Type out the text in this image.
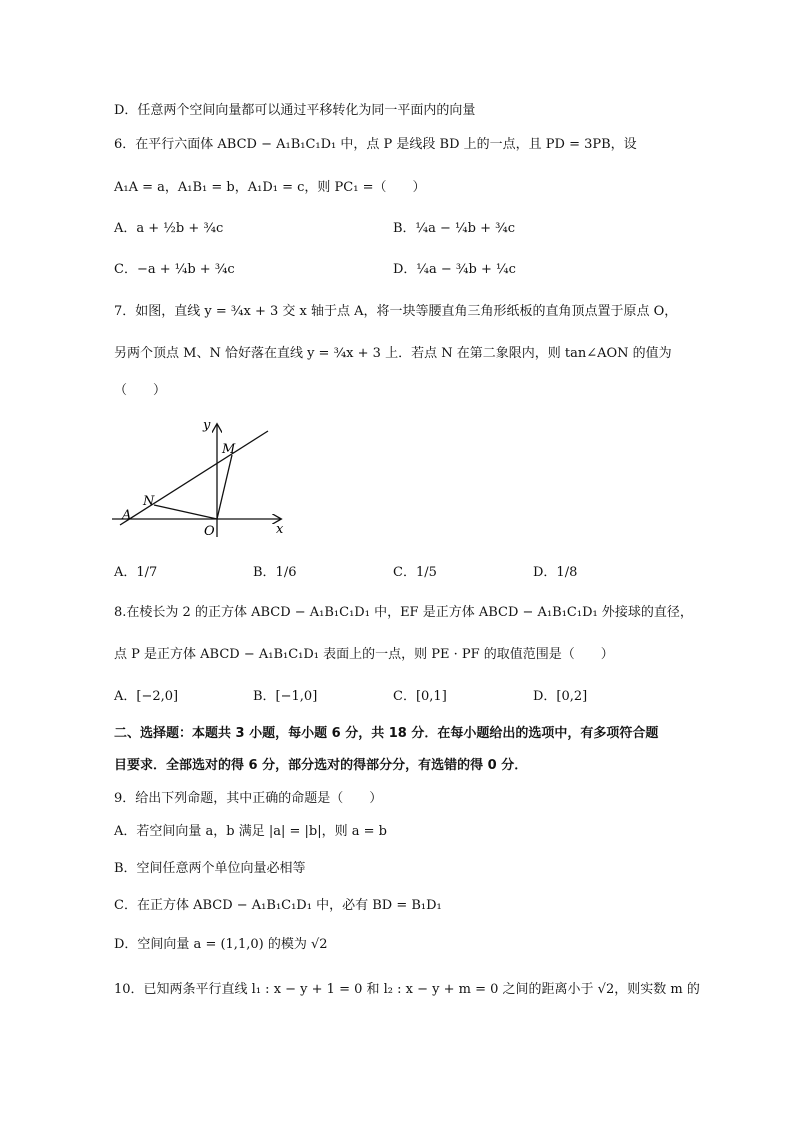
D．任意两个空间向量都可以通过平移转化为同一平面内的向量
6．在平行六面体 ABCD − A₁B₁C₁D₁ 中，点 P 是线段 BD 上的一点，且 PD = 3PB，设
A₁A = a，A₁B₁ = b，A₁D₁ = c，则 PC₁ =（　　）
A．a + ½b + ¾c	B．¼a − ¼b + ¾c
C．−a + ¼b + ¾c	D．¼a − ¾b + ¼c
7．如图，直线 y = ¾x + 3 交 x 轴于点 A，将一块等腰直角三角形纸板的直角顶点置于原点 O，
另两个顶点 M、N 恰好落在直线 y = ¾x + 3 上．若点 N 在第二象限内，则 tan∠AON 的值为
（　　）
y
x
M
N
A
O
A．1/7	B．1/6	C．1/5	D．1/8
8.在棱长为 2 的正方体 ABCD − A₁B₁C₁D₁ 中，EF 是正方体 ABCD − A₁B₁C₁D₁ 外接球的直径，
点 P 是正方体 ABCD − A₁B₁C₁D₁ 表面上的一点，则 PE · PF 的取值范围是（　　）
A．[−2,0]	B．[−1,0]	C．[0,1]	D．[0,2]
二、选择题：本题共 3 小题，每小题 6 分，共 18 分．在每小题给出的选项中，有多项符合题
目要求．全部选对的得 6 分，部分选对的得部分分，有选错的得 0 分．
9．给出下列命题，其中正确的命题是（　　）
A．若空间向量 a，b 满足 |a| = |b|，则 a = b
B．空间任意两个单位向量必相等
C．在正方体 ABCD − A₁B₁C₁D₁ 中，必有 BD = B₁D₁
D．空间向量 a = (1,1,0) 的模为 √2
10．已知两条平行直线 l₁ : x − y + 1 = 0 和 l₂ : x − y + m = 0 之间的距离小于 √2，则实数 m 的
